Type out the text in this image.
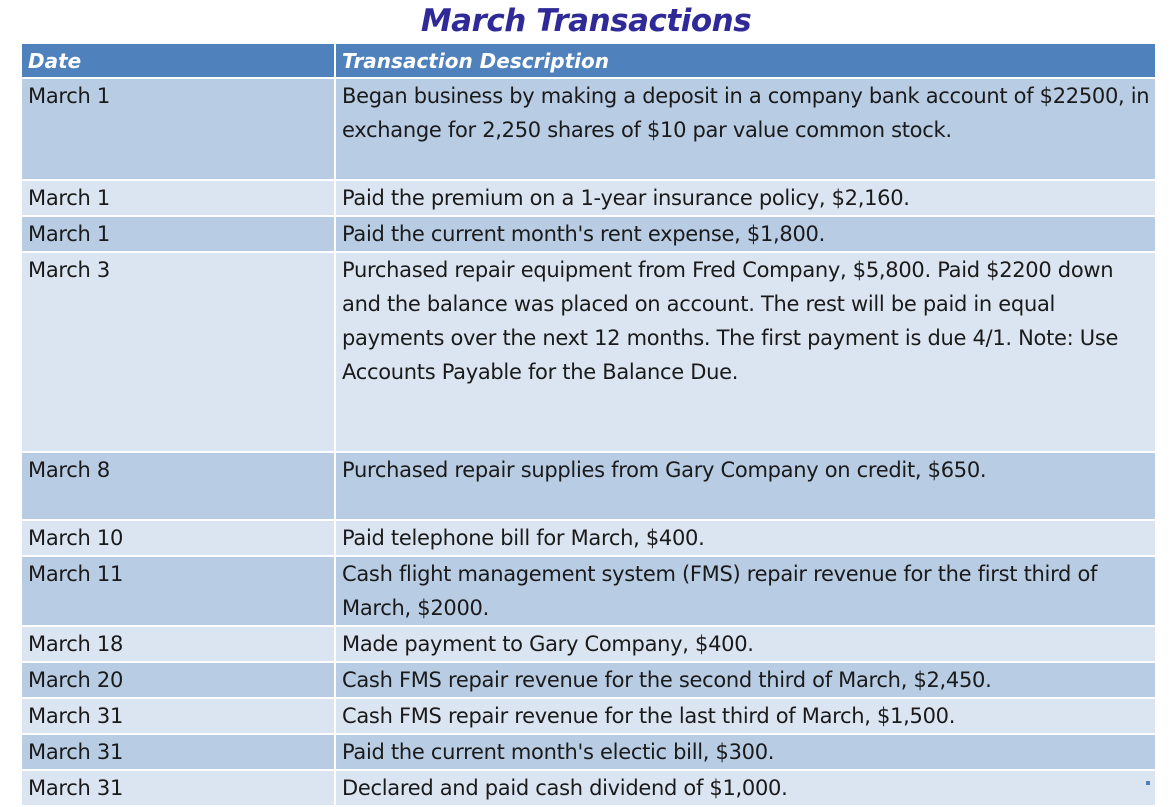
March Transactions
Date	Transaction Description
March 1	Began business by making a deposit in a company bank account of $22500, in exchange for 2,250 shares of $10 par value common stock.
March 1	Paid the premium on a 1-year insurance policy, $2,160.
March 1	Paid the current month's rent expense, $1,800.
March 3	Purchased repair equipment from Fred Company, $5,800. Paid $2200 down and the balance was placed on account. The rest will be paid in equal payments over the next 12 months. The first payment is due 4/1. Note: Use Accounts Payable for the Balance Due.
March 8	Purchased repair supplies from Gary Company on credit, $650.
March 10	Paid telephone bill for March, $400.
March 11	Cash flight management system (FMS) repair revenue for the first third of March, $2000.
March 18	Made payment to Gary Company, $400.
March 20	Cash FMS repair revenue for the second third of March, $2,450.
March 31	Cash FMS repair revenue for the last third of March, $1,500.
March 31	Paid the current month's electic bill, $300.
March 31	Declared and paid cash dividend of $1,000.
